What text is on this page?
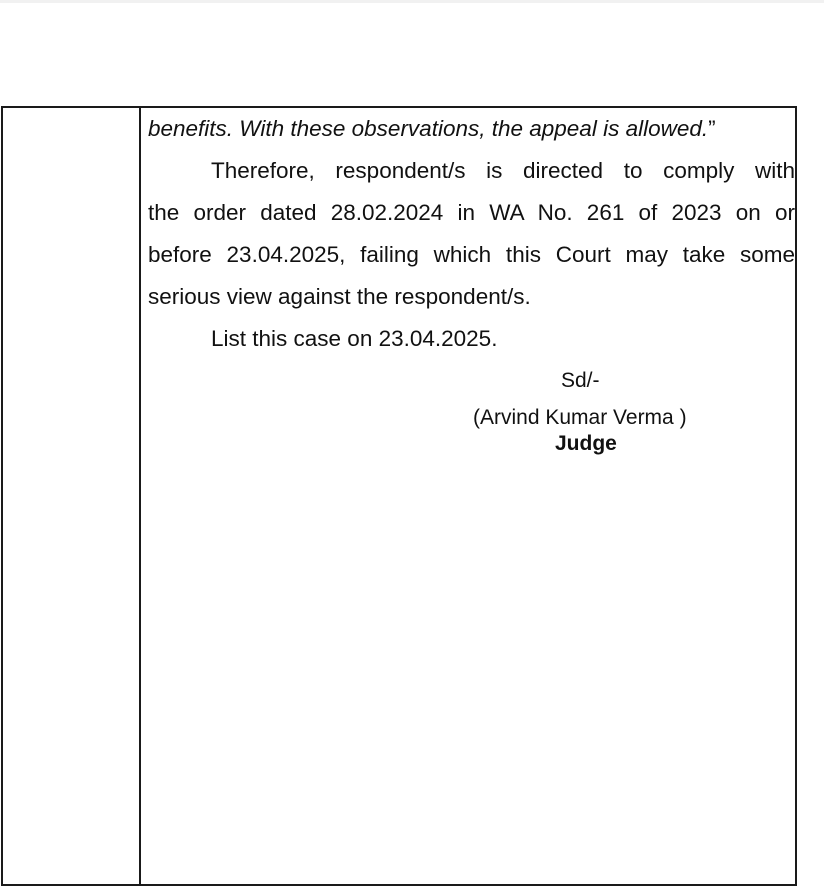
benefits. With these observations, the appeal is allowed.”
Therefore, respondent/s is directed to comply with
the order dated 28.02.2024 in WA No. 261 of 2023 on or
before 23.04.2025, failing which this Court may take some
serious view against the respondent/s.
List this case on 23.04.2025.
Sd/-
(Arvind Kumar Verma )
Judge
